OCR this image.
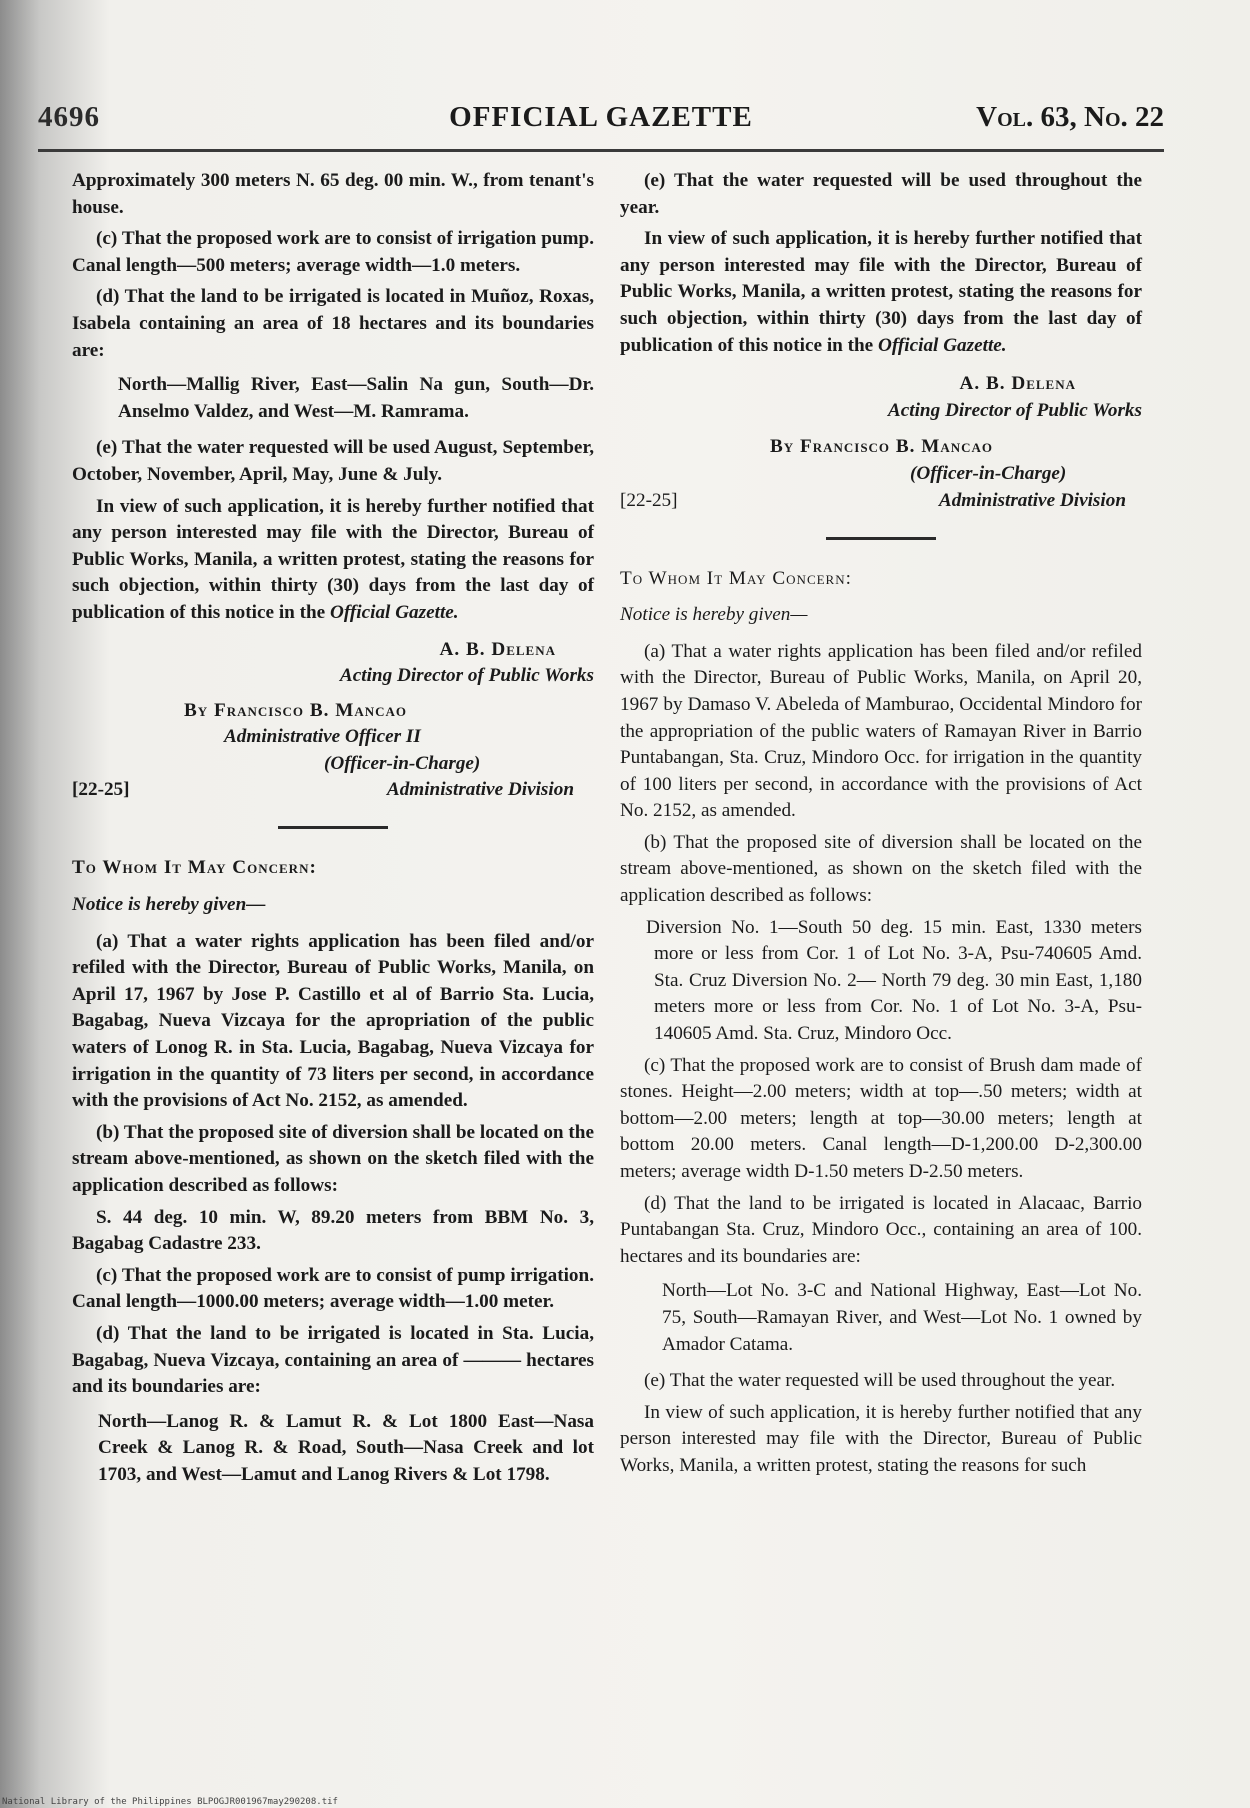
4696	OFFICIAL GAZETTE	Vol. 63, No. 22

Approximately 300 meters N. 65 deg. 00 min. W., from tenant's house.

(c) That the proposed work are to consist of irrigation pump. Canal length—500 meters; average width—1.0 meters.

(d) That the land to be irrigated is located in Muñoz, Roxas, Isabela containing an area of 18 hectares and its boundaries are:

North—Mallig River, East—Salin Na gun, South—Dr. Anselmo Valdez, and West—M. Ramrama.

(e) That the water requested will be used August, September, October, November, April, May, June & July.

In view of such application, it is hereby further notified that any person interested may file with the Director, Bureau of Public Works, Manila, a written protest, stating the reasons for such objection, within thirty (30) days from the last day of publication of this notice in the Official Gazette.

A. B. Delena
Acting Director of Public Works
By Francisco B. Mancao
Administrative Officer II
(Officer-in-Charge)
[22-25]	Administrative Division
To Whom It May Concern:
Notice is hereby given—

(a) That a water rights application has been filed and/or refiled with the Director, Bureau of Public Works, Manila, on April 17, 1967 by Jose P. Castillo et al of Barrio Sta. Lucia, Bagabag, Nueva Vizcaya for the apropriation of the public waters of Lonog R. in Sta. Lucia, Bagabag, Nueva Vizcaya for irrigation in the quantity of 73 liters per second, in accordance with the provisions of Act No. 2152, as amended.

(b) That the proposed site of diversion shall be located on the stream above-mentioned, as shown on the sketch filed with the application described as follows:

S. 44 deg. 10 min. W, 89.20 meters from BBM No. 3, Bagabag Cadastre 233.

(c) That the proposed work are to consist of pump irrigation. Canal length—1000.00 meters; average width—1.00 meter.

(d) That the land to be irrigated is located in Sta. Lucia, Bagabag, Nueva Vizcaya, containing an area of ——— hectares and its boundaries are:

North—Lanog R. & Lamut R. & Lot 1800 East—Nasa Creek & Lanog R. & Road, South—Nasa Creek and lot 1703, and West—Lamut and Lanog Rivers & Lot 1798.

(e) That the water requested will be used throughout the year.

In view of such application, it is hereby further notified that any person interested may file with the Director, Bureau of Public Works, Manila, a written protest, stating the reasons for such objection, within thirty (30) days from the last day of publication of this notice in the Official Gazette.

A. B. Delena
Acting Director of Public Works
By Francisco B. Mancao
(Officer-in-Charge)
[22-25]	Administrative Division
To Whom It May Concern:
Notice is hereby given—

(a) That a water rights application has been filed and/or refiled with the Director, Bureau of Public Works, Manila, on April 20, 1967 by Damaso V. Abeleda of Mamburao, Occidental Mindoro for the appropriation of the public waters of Ramayan River in Barrio Puntabangan, Sta. Cruz, Mindoro Occ. for irrigation in the quantity of 100 liters per second, in accordance with the provisions of Act No. 2152, as amended.

(b) That the proposed site of diversion shall be located on the stream above-mentioned, as shown on the sketch filed with the application described as follows:

Diversion No. 1—South 50 deg. 15 min. East, 1330 meters more or less from Cor. 1 of Lot No. 3-A, Psu-740605 Amd. Sta. Cruz Diversion No. 2— North 79 deg. 30 min East, 1,180 meters more or less from Cor. No. 1 of Lot No. 3-A, Psu-140605 Amd. Sta. Cruz, Mindoro Occ.

(c) That the proposed work are to consist of Brush dam made of stones. Height—2.00 meters; width at top—.50 meters; width at bottom—2.00 meters; length at top—30.00 meters; length at bottom 20.00 meters. Canal length—D-1,200.00 D-2,300.00 meters; average width D-1.50 meters D-2.50 meters.

(d) That the land to be irrigated is located in Alacaac, Barrio Puntabangan Sta. Cruz, Mindoro Occ., containing an area of 100. hectares and its boundaries are:

North—Lot No. 3-C and National Highway, East—Lot No. 75, South—Ramayan River, and West—Lot No. 1 owned by Amador Catama.

(e) That the water requested will be used throughout the year.

In view of such application, it is hereby further notified that any person interested may file with the Director, Bureau of Public Works, Manila, a written protest, stating the reasons for such

National Library of the Philippines BLPOGJR001967may290208.tif
